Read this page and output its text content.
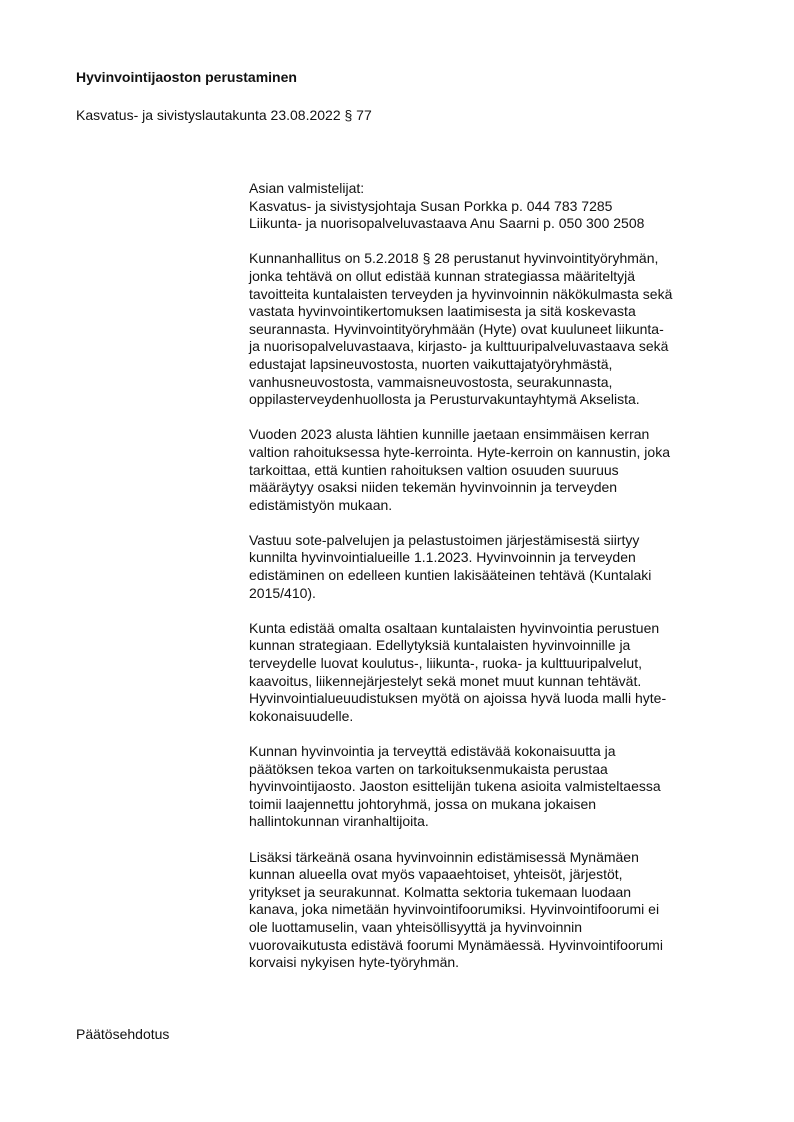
Hyvinvointijaoston perustaminen

Kasvatus- ja sivistyslautakunta 23.08.2022 § 77

Asian valmistelijat:
Kasvatus- ja sivistysjohtaja Susan Porkka p. 044 783 7285
Liikunta- ja nuorisopalveluvastaava Anu Saarni p. 050 300 2508
Kunnanhallitus on 5.2.2018 § 28 perustanut hyvinvointityöryhmän,
jonka tehtävä on ollut edistää kunnan strategiassa määriteltyjä
tavoitteita kuntalaisten terveyden ja hyvinvoinnin näkökulmasta sekä
vastata hyvinvointikertomuksen laatimisesta ja sitä koskevasta
seurannasta. Hyvinvointityöryhmään (Hyte) ovat kuuluneet liikunta-
ja nuorisopalveluvastaava, kirjasto- ja kulttuuripalveluvastaava sekä
edustajat lapsineuvostosta, nuorten vaikuttajatyöryhmästä,
vanhusneuvostosta, vammaisneuvostosta, seurakunnasta,
oppilasterveydenhuollosta ja Perusturvakuntayhtymä Akselista.
Vuoden 2023 alusta lähtien kunnille jaetaan ensimmäisen kerran
valtion rahoituksessa hyte-kerrointa. Hyte-kerroin on kannustin, joka
tarkoittaa, että kuntien rahoituksen valtion osuuden suuruus
määräytyy osaksi niiden tekemän hyvinvoinnin ja terveyden
edistämistyön mukaan.
Vastuu sote-palvelujen ja pelastustoimen järjestämisestä siirtyy
kunnilta hyvinvointialueille 1.1.2023. Hyvinvoinnin ja terveyden
edistäminen on edelleen kuntien lakisääteinen tehtävä (Kuntalaki
2015/410).
Kunta edistää omalta osaltaan kuntalaisten hyvinvointia perustuen
kunnan strategiaan. Edellytyksiä kuntalaisten hyvinvoinnille ja
terveydelle luovat koulutus-, liikunta-, ruoka- ja kulttuuripalvelut,
kaavoitus, liikennejärjestelyt sekä monet muut kunnan tehtävät.
Hyvinvointialueuudistuksen myötä on ajoissa hyvä luoda malli hyte-
kokonaisuudelle.
Kunnan hyvinvointia ja terveyttä edistävää kokonaisuutta ja
päätöksen tekoa varten on tarkoituksenmukaista perustaa
hyvinvointijaosto. Jaoston esittelijän tukena asioita valmisteltaessa
toimii laajennettu johtoryhmä, jossa on mukana jokaisen
hallintokunnan viranhaltijoita.
Lisäksi tärkeänä osana hyvinvoinnin edistämisessä Mynämäen
kunnan alueella ovat myös vapaaehtoiset, yhteisöt, järjestöt,
yritykset ja seurakunnat. Kolmatta sektoria tukemaan luodaan
kanava, joka nimetään hyvinvointifoorumiksi. Hyvinvointifoorumi ei
ole luottamuselin, vaan yhteisöllisyyttä ja hyvinvoinnin
vuorovaikutusta edistävä foorumi Mynämäessä. Hyvinvointifoorumi
korvaisi nykyisen hyte-työryhmän.

Päätösehdotus
